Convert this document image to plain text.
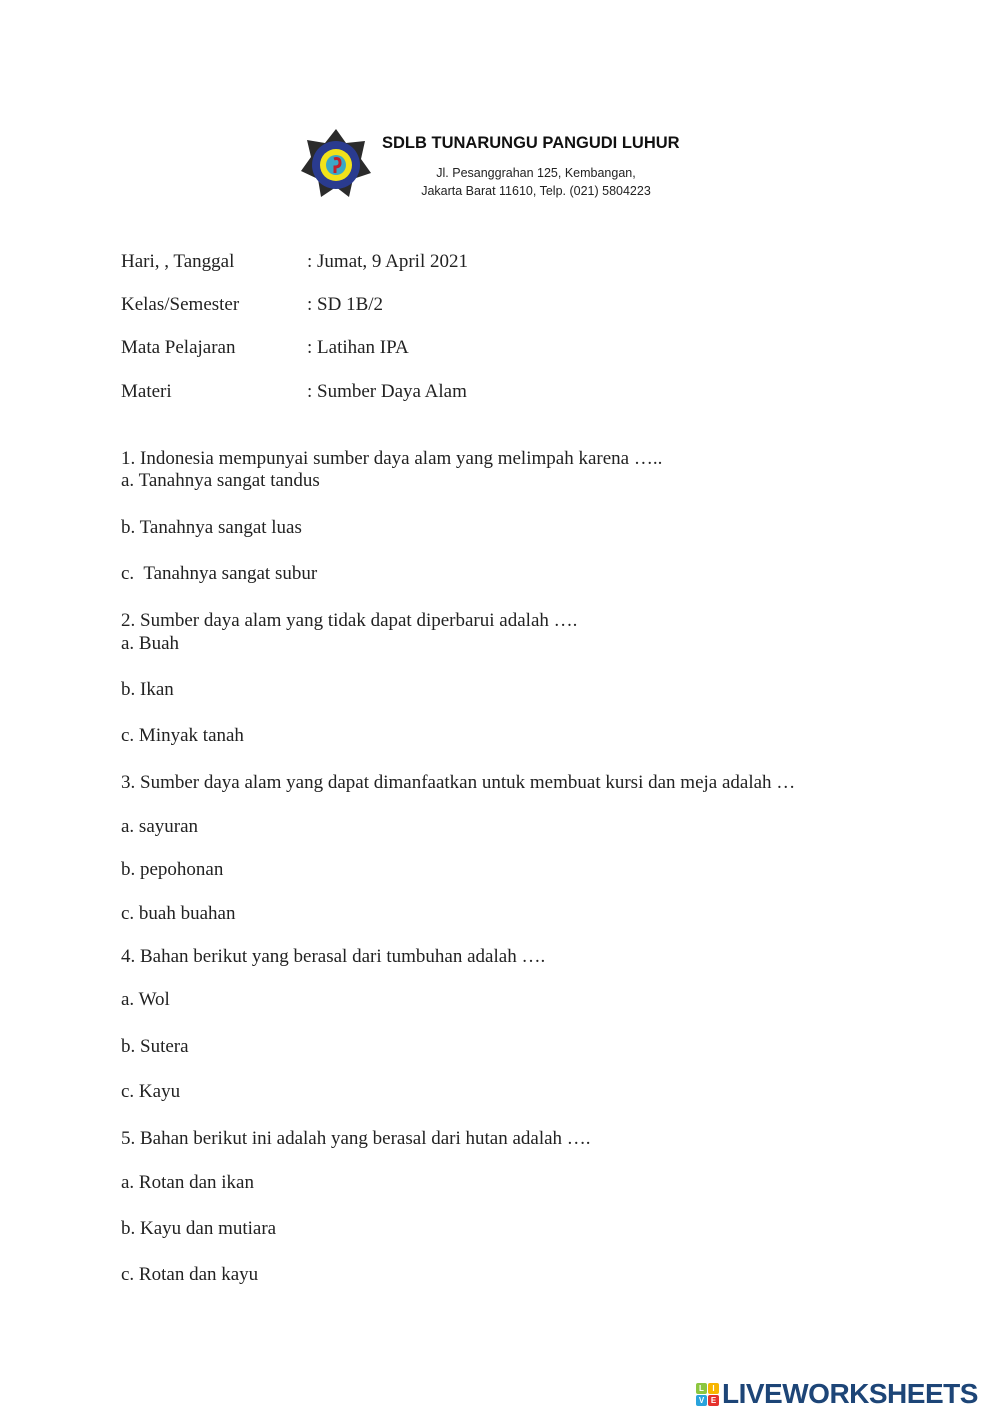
SDLB TUNARUNGU PANGUDI LUHUR
Jl. Pesanggrahan 125, Kembangan,
Jakarta Barat 11610, Telp. (021) 5804223
Hari, , Tanggal	: Jumat, 9 April 2021
Kelas/Semester	: SD 1B/2
Mata Pelajaran	: Latihan IPA
Materi	: Sumber Daya Alam
1. Indonesia mempunyai sumber daya alam yang melimpah karena …..
a. Tanahnya sangat tandus
b. Tanahnya sangat luas
c.  Tanahnya sangat subur
2. Sumber daya alam yang tidak dapat diperbarui adalah ….
a. Buah
b. Ikan
c. Minyak tanah
3. Sumber daya alam yang dapat dimanfaatkan untuk membuat kursi dan meja adalah …
a. sayuran
b. pepohonan
c. buah buahan
4. Bahan berikut yang berasal dari tumbuhan adalah ….
a. Wol
b. Sutera
c. Kayu
5. Bahan berikut ini adalah yang berasal dari hutan adalah ….
a. Rotan dan ikan
b. Kayu dan mutiara
c. Rotan dan kayu
L	I
V E LIVEWORKSHEETS
